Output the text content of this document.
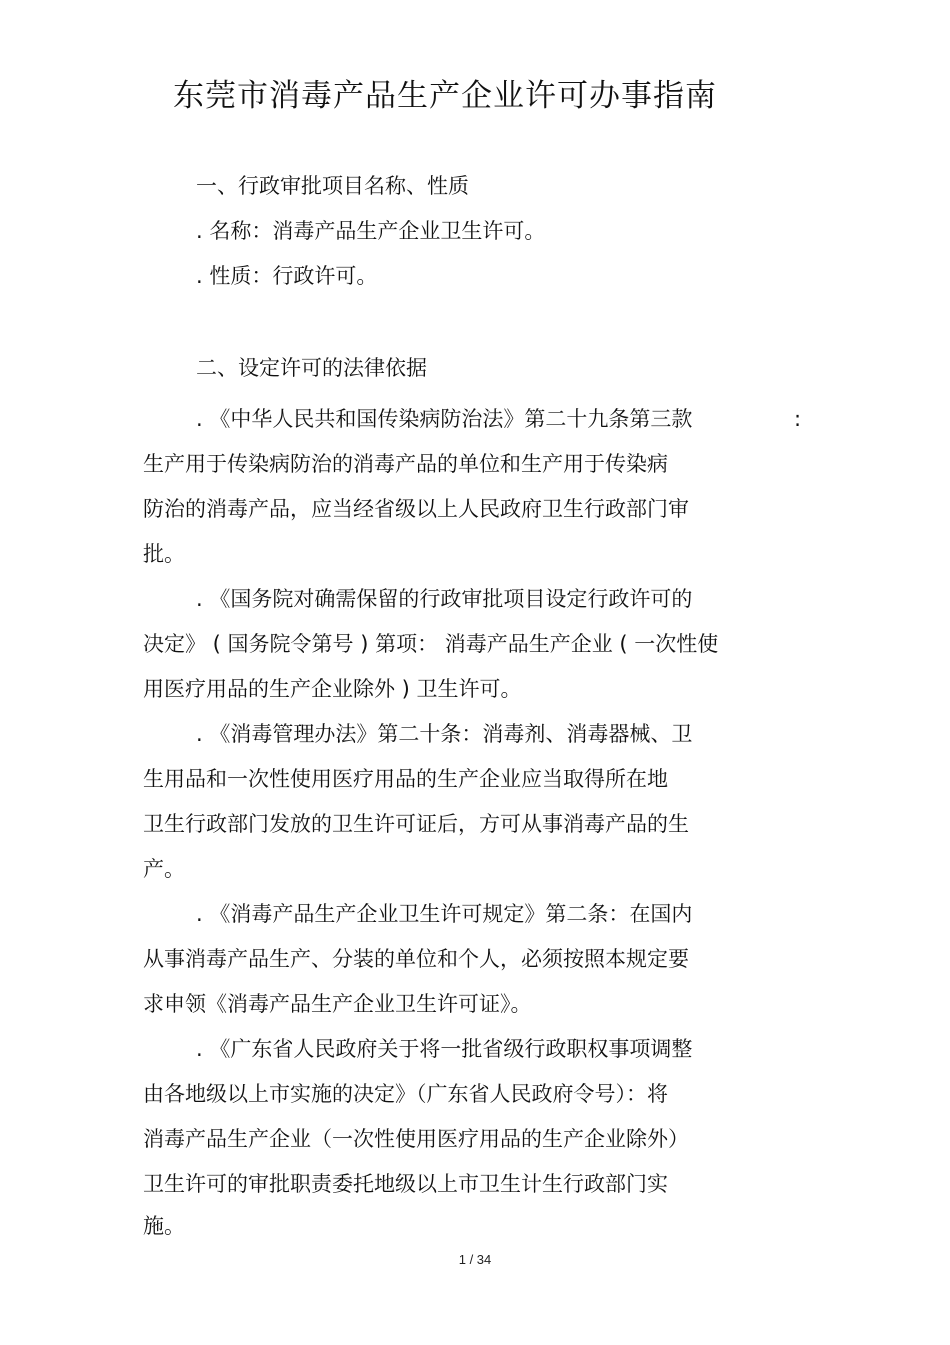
东莞市消毒产品生产企业许可办事指南
一、行政审批项目名称、性质
. 名称：消毒产品生产企业卫生许可。
. 性质：行政许可。
二、设定许可的法律依据
. 《中华人民共和国传染病防治法》第二十九条第三款	:
生产用于传染病防治的消毒产品的单位和生产用于传染病
防治的消毒产品，应当经省级以上人民政府卫生行政部门审
批。
. 《国务院对确需保留的行政审批项目设定行政许可的
决定》 ( 国务院令第号 ) 第项： 消毒产品生产企业 ( 一次性使
用医疗用品的生产企业除外 ) 卫生许可。
. 《消毒管理办法》第二十条：消毒剂、消毒器械、卫
生用品和一次性使用医疗用品的生产企业应当取得所在地
卫生行政部门发放的卫生许可证后，方可从事消毒产品的生
产。
. 《消毒产品生产企业卫生许可规定》第二条：在国内
从事消毒产品生产、分装的单位和个人，必须按照本规定要
求申领《消毒产品生产企业卫生许可证》。
. 《广东省人民政府关于将一批省级行政职权事项调整
由各地级以上市实施的决定》（广东省人民政府令号）：将
消毒产品生产企业（一次性使用医疗用品的生产企业除外）
卫生许可的审批职责委托地级以上市卫生计生行政部门实
施。
1 / 34
